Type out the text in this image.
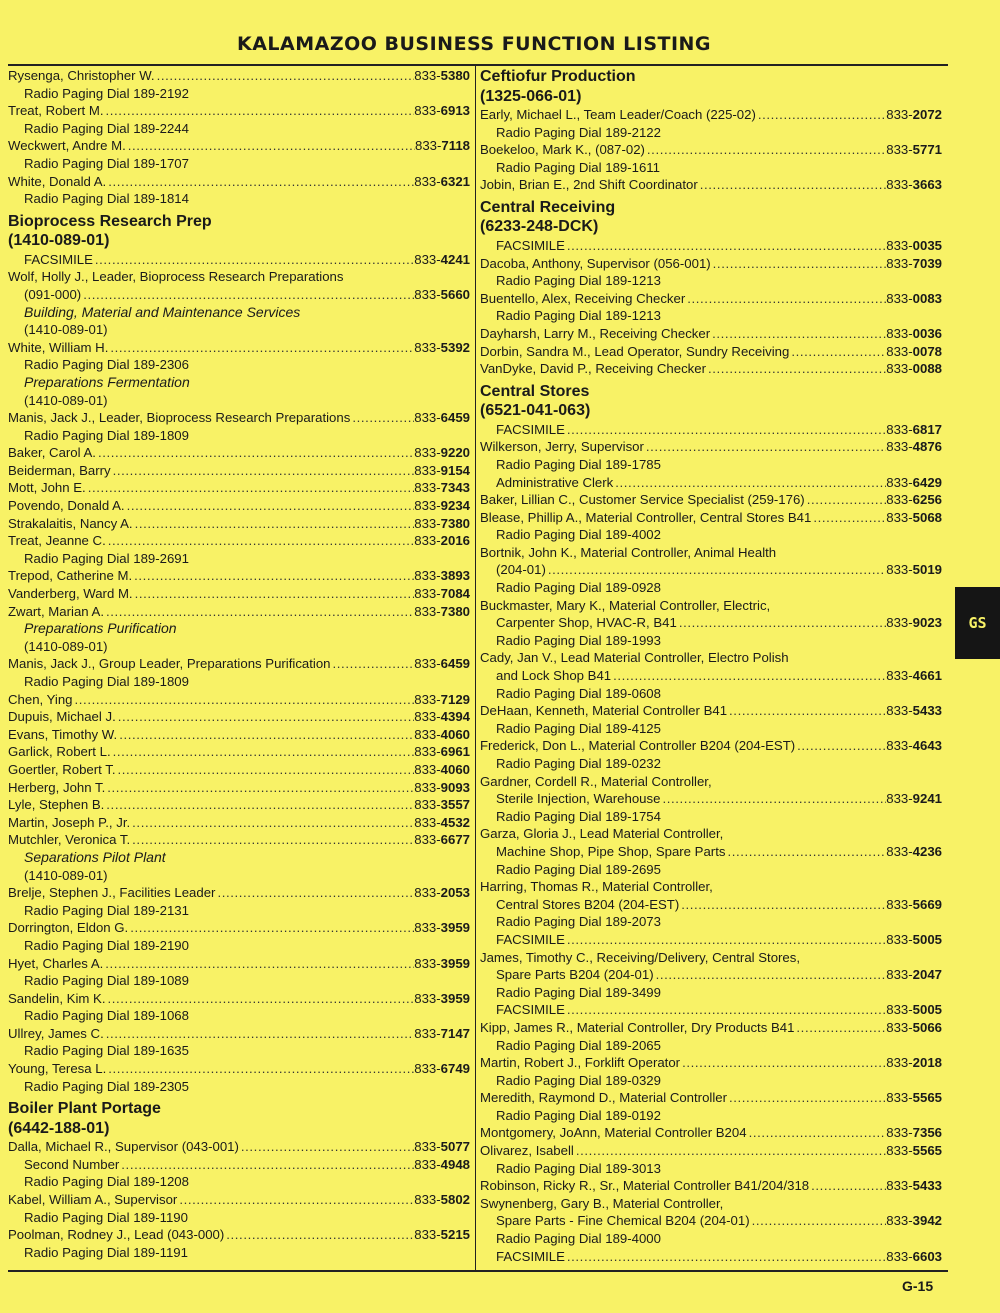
KALAMAZOO BUSINESS FUNCTION LISTING
Rysenga, Christopher W. .....	833-5380
Radio Paging Dial 189-2192
Treat, Robert M. .....	833-6913
Radio Paging Dial 189-2244
Weckwert, Andre M. .....	833-7118
Radio Paging Dial 189-1707
White, Donald A. .....	833-6321
Radio Paging Dial 189-1814
Bioprocess Research Prep
(1410-089-01)
FACSIMILE .....	833-4241
Wolf, Holly J., Leader, Bioprocess Research Preparations
(091-000) .....	833-5660
Building, Material and Maintenance Services
(1410-089-01)
White, William H. .....	833-5392
Radio Paging Dial 189-2306
Preparations Fermentation
(1410-089-01)
Manis, Jack J., Leader, Bioprocess Research Preparations .....	833-6459
Radio Paging Dial 189-1809
Baker, Carol A. .....	833-9220
Beiderman, Barry .....	833-9154
Mott, John E. .....	833-7343
Povendo, Donald A. .....	833-9234
Strakalaitis, Nancy A. .....	833-7380
Treat, Jeanne C. .....	833-2016
Radio Paging Dial 189-2691
Trepod, Catherine M. .....	833-3893
Vanderberg, Ward M. .....	833-7084
Zwart, Marian A. .....	833-7380
Preparations Purification
(1410-089-01)
Manis, Jack J., Group Leader, Preparations Purification .....	833-6459
Radio Paging Dial 189-1809
Chen, Ying .....	833-7129
Dupuis, Michael J. .....	833-4394
Evans, Timothy W. .....	833-4060
Garlick, Robert L. .....	833-6961
Goertler, Robert T. .....	833-4060
Herberg, John T. .....	833-9093
Lyle, Stephen B. .....	833-3557
Martin, Joseph P., Jr. .....	833-4532
Mutchler, Veronica T. .....	833-6677
Separations Pilot Plant
(1410-089-01)
Brelje, Stephen J., Facilities Leader .....	833-2053
Radio Paging Dial 189-2131
Dorrington, Eldon G. .....	833-3959
Radio Paging Dial 189-2190
Hyet, Charles A. .....	833-3959
Radio Paging Dial 189-1089
Sandelin, Kim K. .....	833-3959
Radio Paging Dial 189-1068
Ullrey, James C. .....	833-7147
Radio Paging Dial 189-1635
Young, Teresa L. .....	833-6749
Radio Paging Dial 189-2305
Boiler Plant Portage
(6442-188-01)
Dalla, Michael R., Supervisor (043-001) .....	833-5077
Second Number .....	833-4948
Radio Paging Dial 189-1208
Kabel, William A., Supervisor .....	833-5802
Radio Paging Dial 189-1190
Poolman, Rodney J., Lead (043-000) .....	833-5215
Radio Paging Dial 189-1191
Ceftiofur Production
(1325-066-01)
Early, Michael L., Team Leader/Coach (225-02) .....	833-2072
Radio Paging Dial 189-2122
Boekeloo, Mark K., (087-02) .....	833-5771
Radio Paging Dial 189-1611
Jobin, Brian E., 2nd Shift Coordinator .....	833-3663
Central Receiving
(6233-248-DCK)
FACSIMILE .....	833-0035
Dacoba, Anthony, Supervisor (056-001) .....	833-7039
Radio Paging Dial 189-1213
Buentello, Alex, Receiving Checker .....	833-0083
Radio Paging Dial 189-1213
Dayharsh, Larry M., Receiving Checker .....	833-0036
Dorbin, Sandra M., Lead Operator, Sundry Receiving .....	833-0078
VanDyke, David P., Receiving Checker .....	833-0088
Central Stores
(6521-041-063)
FACSIMILE .....	833-6817
Wilkerson, Jerry, Supervisor .....	833-4876
Radio Paging Dial 189-1785
Administrative Clerk .....	833-6429
Baker, Lillian C., Customer Service Specialist (259-176) .....	833-6256
Blease, Phillip A., Material Controller, Central Stores B41 .....	833-5068
Radio Paging Dial 189-4002
Bortnik, John K., Material Controller, Animal Health
(204-01) .....	833-5019
Radio Paging Dial 189-0928
Buckmaster, Mary K., Material Controller, Electric,
Carpenter Shop, HVAC-R, B41 .....	833-9023
Radio Paging Dial 189-1993
Cady, Jan V., Lead Material Controller, Electro Polish
and Lock Shop B41 .....	833-4661
Radio Paging Dial 189-0608
DeHaan, Kenneth, Material Controller B41 .....	833-5433
Radio Paging Dial 189-4125
Frederick, Don L., Material Controller B204 (204-EST) .....	833-4643
Radio Paging Dial 189-0232
Gardner, Cordell R., Material Controller,
Sterile Injection, Warehouse .....	833-9241
Radio Paging Dial 189-1754
Garza, Gloria J., Lead Material Controller,
Machine Shop, Pipe Shop, Spare Parts .....	833-4236
Radio Paging Dial 189-2695
Harring, Thomas R., Material Controller,
Central Stores B204 (204-EST) .....	833-5669
Radio Paging Dial 189-2073
FACSIMILE .....	833-5005
James, Timothy C., Receiving/Delivery, Central Stores,
Spare Parts B204 (204-01) .....	833-2047
Radio Paging Dial 189-3499
FACSIMILE .....	833-5005
Kipp, James R., Material Controller, Dry Products B41 .....	833-5066
Radio Paging Dial 189-2065
Martin, Robert J., Forklift Operator .....	833-2018
Radio Paging Dial 189-0329
Meredith, Raymond D., Material Controller .....	833-5565
Radio Paging Dial 189-0192
Montgomery, JoAnn, Material Controller B204 .....	833-7356
Olivarez, Isabell .....	833-5565
Radio Paging Dial 189-3013
Robinson, Ricky R., Sr., Material Controller B41/204/318 .....	833-5433
Swynenberg, Gary B., Material Controller,
Spare Parts - Fine Chemical B204 (204-01) .....	833-3942
Radio Paging Dial 189-4000
FACSIMILE .....	833-6603
GS
G-15
